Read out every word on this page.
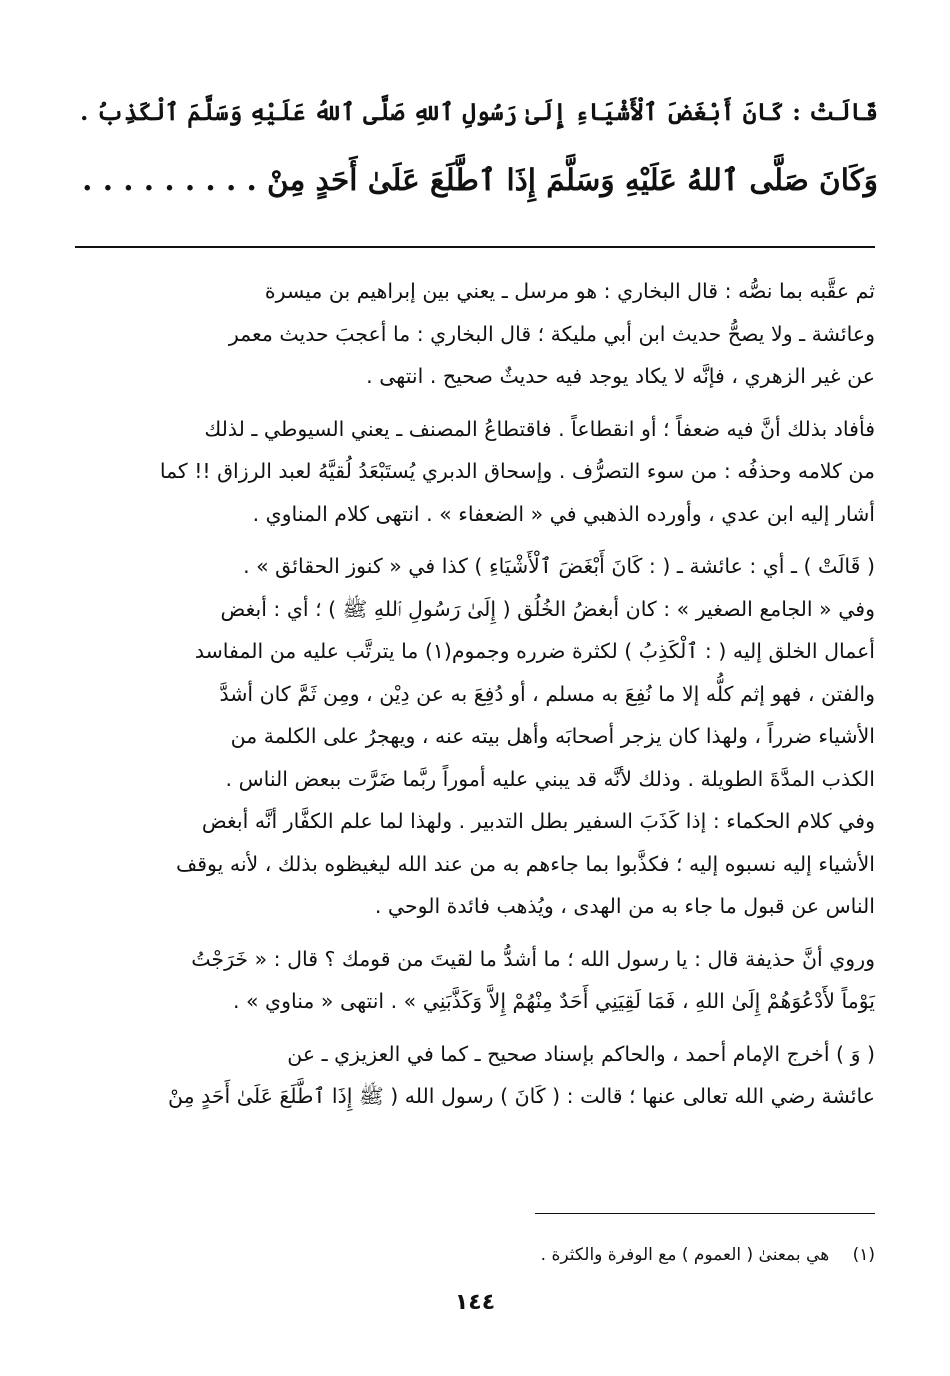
قَالَتْ : كَانَ أَبْغَضَ ٱلْأَشْيَاءِ إِلَىٰ رَسُولِ ٱللهِ صَلَّى ٱللهُ عَلَيْهِ وَسَلَّمَ ٱلْكَذِبُ .
وَكَانَ صَلَّى ٱللهُ عَلَيْهِ وَسَلَّمَ إِذَا ٱطَّلَعَ عَلَىٰ أَحَدٍ مِنْ . . . . . . . . .

ثم عقَّبه بما نصُّه : قال البخاري : هو مرسل ـ يعني بين إبراهيم بن ميسرة
وعائشة ـ ولا يصحُّ حديث ابن أبي مليكة ؛ قال البخاري : ما أعجبَ حديث معمر
عن غير الزهري ، فإنَّه لا يكاد يوجد فيه حديثٌ صحيح . انتهى .

فأفاد بذلك أنَّ فيه ضعفاً ؛ أو انقطاعاً . فاقتطاعُ المصنف ـ يعني السيوطي ـ لذلك
من كلامه وحذفُه : من سوء التصرُّف . وإسحاق الدبري يُستَبْعَدُ لُقيَّهُ لعبد الرزاق !! كما
أشار إليه ابن عدي ، وأورده الذهبي في « الضعفاء » . انتهى كلام المناوي .

( قَالَتْ ) ـ أي : عائشة ـ ( : كَانَ أَبْغَضَ ٱلْأَشْيَاءِ ) كذا في « كنوز الحقائق » .
وفي « الجامع الصغير » : كان أبغضُ الخُلُق ( إِلَىٰ رَسُولِ ٱللهِ ﷺ ) ؛ أي : أبغض
أعمال الخلق إليه ( : ٱلْكَذِبُ ) لكثرة ضرره وجموم(١) ما يترتَّب عليه من المفاسد
والفتن ، فهو إثم كلُّه إلا ما نُفِعَ به مسلم ، أو دُفِعَ به عن دِيْن ، ومِن ثَمَّ كان أشدَّ
الأشياء ضرراً ، ولهذا كان يزجر أصحابَه وأهل بيته عنه ، ويهجرُ على الكلمة من
الكذب المدَّةَ الطويلة . وذلك لأنَّه قد يبني عليه أموراً ربَّما ضَرَّت ببعض الناس .
وفي كلام الحكماء : إذا كَذَبَ السفير بطل التدبير . ولهذا لما علم الكفَّار أنَّه أبغض
الأشياء إليه نسبوه إليه ؛ فكذَّبوا بما جاءهم به من عند الله ليغيظوه بذلك ، لأنه يوقف
الناس عن قبول ما جاء به من الهدى ، ويُذهب فائدة الوحي .

وروي أنَّ حذيفة قال : يا رسول الله ؛ ما أشدُّ ما لقيتَ من قومك ؟ قال : « خَرَجْتُ
يَوْماً لأَدْعُوَهُمْ إِلَىٰ اللهِ ، فَمَا لَقِيَنِي أَحَدٌ مِنْهُمْ إِلاَّ وَكَذَّبَنِي » . انتهى « مناوي » .

( وَ ) أخرج الإمام أحمد ، والحاكم بإسناد صحيح ـ كما في العزيزي ـ عن
عائشة رضي الله تعالى عنها ؛ قالت : ( كَانَ ) رسول الله ( ﷺ إِذَا ٱطَّلَعَ عَلَىٰ أَحَدٍ مِنْ

(١) هي بمعنىٰ ( العموم ) مع الوفرة والكثرة .
١٤٤
